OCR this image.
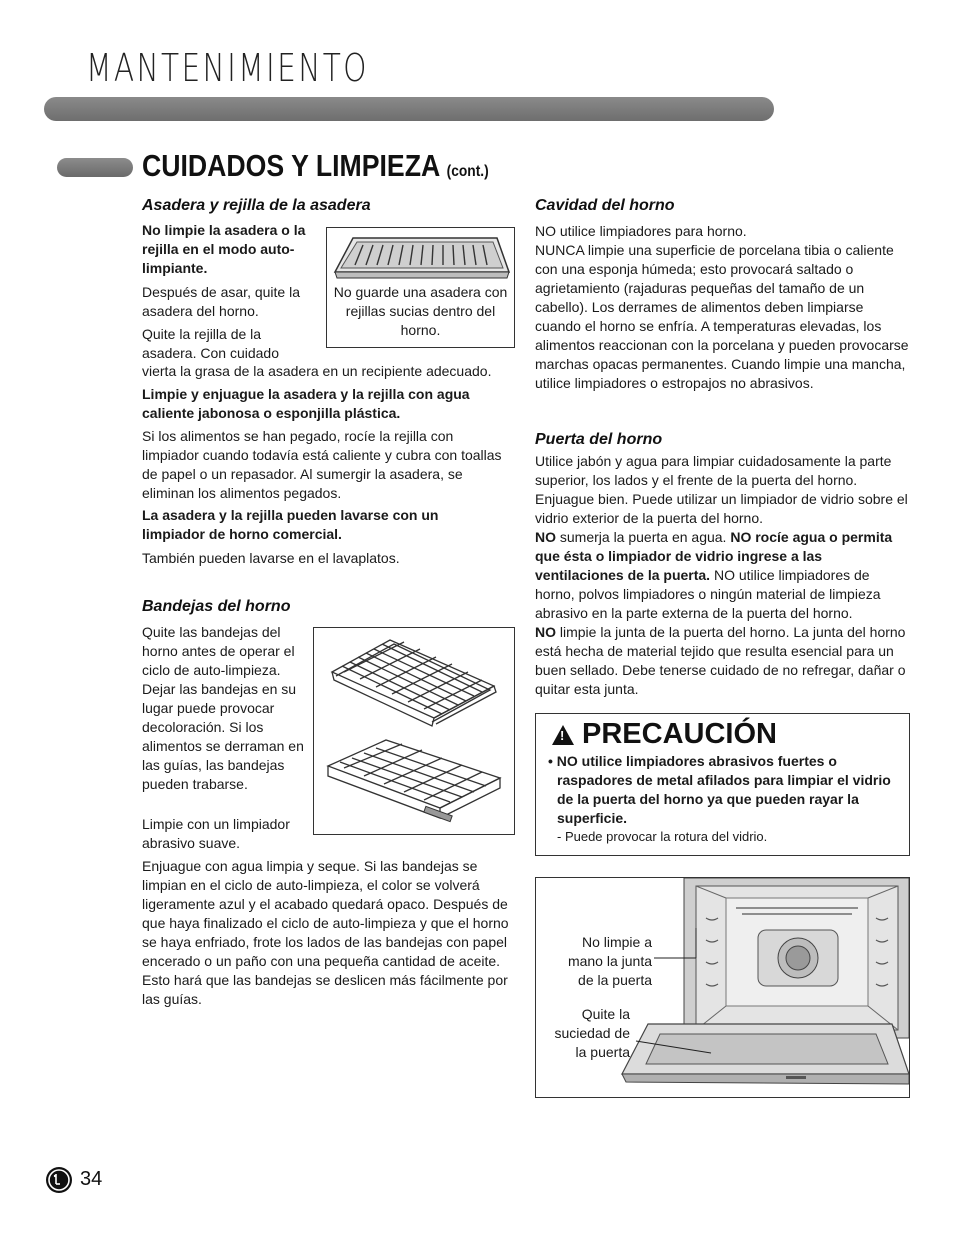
MANTENIMIENTO
CUIDADOS Y LIMPIEZA (cont.)
Asadera y rejilla de la asadera
No limpie la asadera o la rejilla en el modo auto-limpiante.
Después de asar, quite la asadera del horno.
Quite la rejilla de la asadera. Con cuidado
vierta la grasa de la asadera en un recipiente adecuado.
No guarde una asadera con rejillas sucias dentro del horno.
Limpie y enjuague la asadera y la rejilla con agua caliente jabonosa o esponjilla plástica.
Si los alimentos se han pegado, rocíe la rejilla con limpiador cuando todavía está caliente y cubra con toallas de papel o un repasador. Al sumergir la asadera, se eliminan los alimentos pegados.
La asadera y la rejilla pueden lavarse con un limpiador de horno comercial.
También pueden lavarse en el lavaplatos.
Bandejas del horno
Quite las bandejas del horno antes de operar el ciclo de auto-limpieza. Dejar las bandejas en su lugar puede provocar decoloración. Si los alimentos se derraman en las guías, las bandejas pueden trabarse.
Limpie con un limpiador abrasivo suave.
Enjuague con agua limpia y seque. Si las bandejas se limpian en el ciclo de auto-limpieza, el color se volverá ligeramente azul y el acabado quedará opaco. Después de que haya finalizado el ciclo de auto-limpieza y que el horno se haya enfriado, frote los lados de las bandejas con papel encerado o un paño con una pequeña cantidad de aceite. Esto hará que las bandejas se deslicen más fácilmente por las guías.
Cavidad del horno
NO utilice limpiadores para horno.
NUNCA limpie una superficie de porcelana tibia o caliente con una esponja húmeda; esto provocará saltado o agrietamiento (rajaduras pequeñas del tamaño de un cabello). Los derrames de alimentos deben limpiarse cuando el horno se enfría. A temperaturas elevadas, los alimentos reaccionan con la porcelana y pueden provocarse marchas opacas permanentes. Cuando limpie una mancha, utilice limpiadores o estropajos no abrasivos.
Puerta del horno
Utilice jabón y agua para limpiar cuidadosamente la parte superior, los lados y el frente de la puerta del horno. Enjuague bien. Puede utilizar un limpiador de vidrio sobre el vidrio exterior de la puerta del horno.
NO sumerja la puerta en agua. NO rocíe agua o permita que ésta o limpiador de vidrio ingrese a las ventilaciones de la puerta. NO utilice limpiadores de horno, polvos limpiadores o ningún material de limpieza abrasivo en la parte externa de la puerta del horno.
NO limpie la junta de la puerta del horno. La junta del horno está hecha de material tejido que resulta esencial para un buen sellado. Debe tenerse cuidado de no refregar, dañar o quitar esta junta.
! PRECAUCIÓN
• NO utilice limpiadores abrasivos fuertes o raspadores de metal afilados para limpiar el vidrio de la puerta del horno ya que pueden rayar la superficie.
- Puede provocar la rotura del vidrio.
No limpie a mano la junta de la puerta
Quite la suciedad de la puerta
34
